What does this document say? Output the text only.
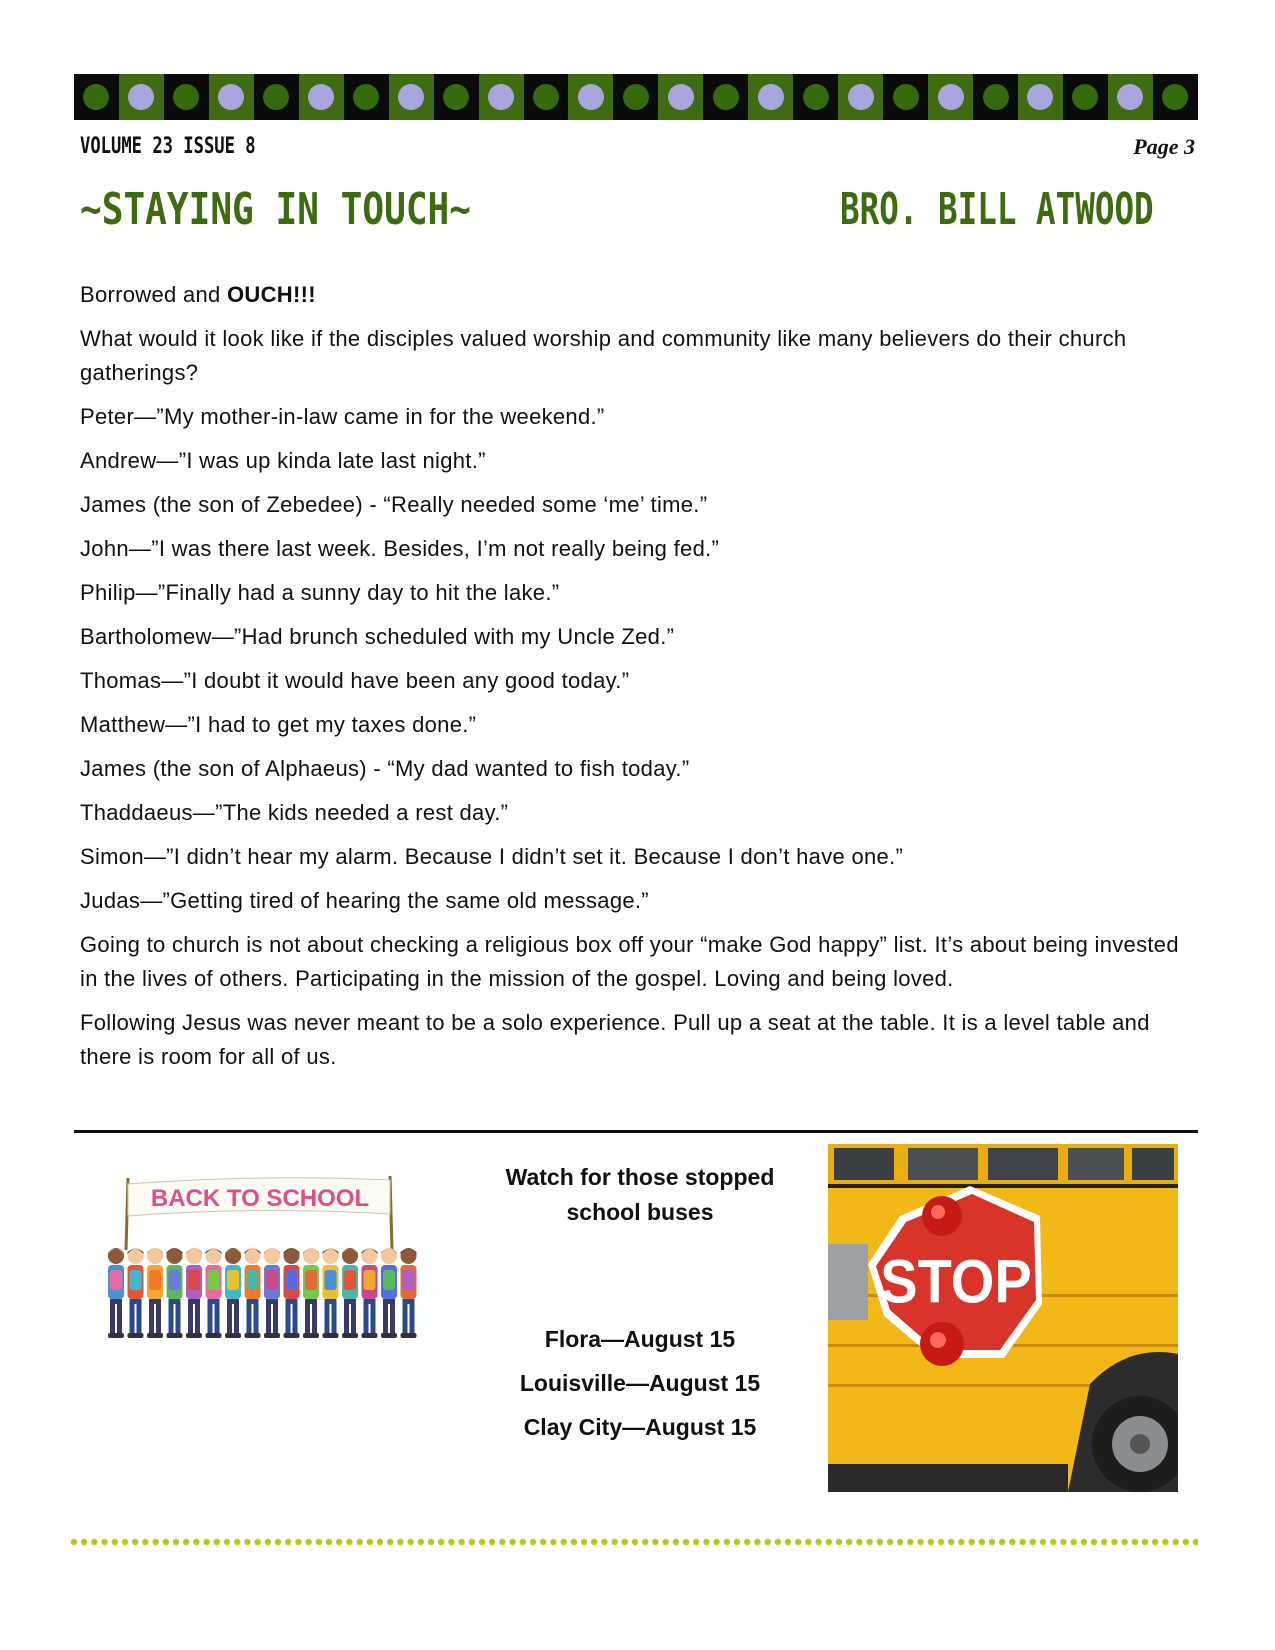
VOLUME 23 ISSUE 8	Page 3
~STAYING IN TOUCH~	BRO. BILL ATWOOD

Borrowed and OUCH!!!

What would it look like if the disciples valued worship and community like many believers do their church gatherings?

Peter—”My mother-in-law came in for the weekend.”

Andrew—”I was up kinda late last night.”

James (the son of Zebedee) - “Really needed some ‘me’ time.”

John—”I was there last week. Besides, I’m not really being fed.”

Philip—”Finally had a sunny day to hit the lake.”

Bartholomew—”Had brunch scheduled with my Uncle Zed.”

Thomas—”I doubt it would have been any good today.”

Matthew—”I had to get my taxes done.”

James (the son of Alphaeus) - “My dad wanted to fish today.”

Thaddaeus—”The kids needed a rest day.”

Simon—”I didn’t hear my alarm. Because I didn’t set it. Because I don’t have one.”

Judas—”Getting tired of hearing the same old message.”

Going to church is not about checking a religious box off your “make God happy” list. It’s about being invested in the lives of others. Participating in the mission of the gospel. Loving and being loved.

Following Jesus was never meant to be a solo experience. Pull up a seat at the table. It is a level table and there is room for all of us.

BACK TO SCHOOL
Watch for those stopped
school buses
Flora—August 15
Louisville—August 15
Clay City—August 15
STOP
